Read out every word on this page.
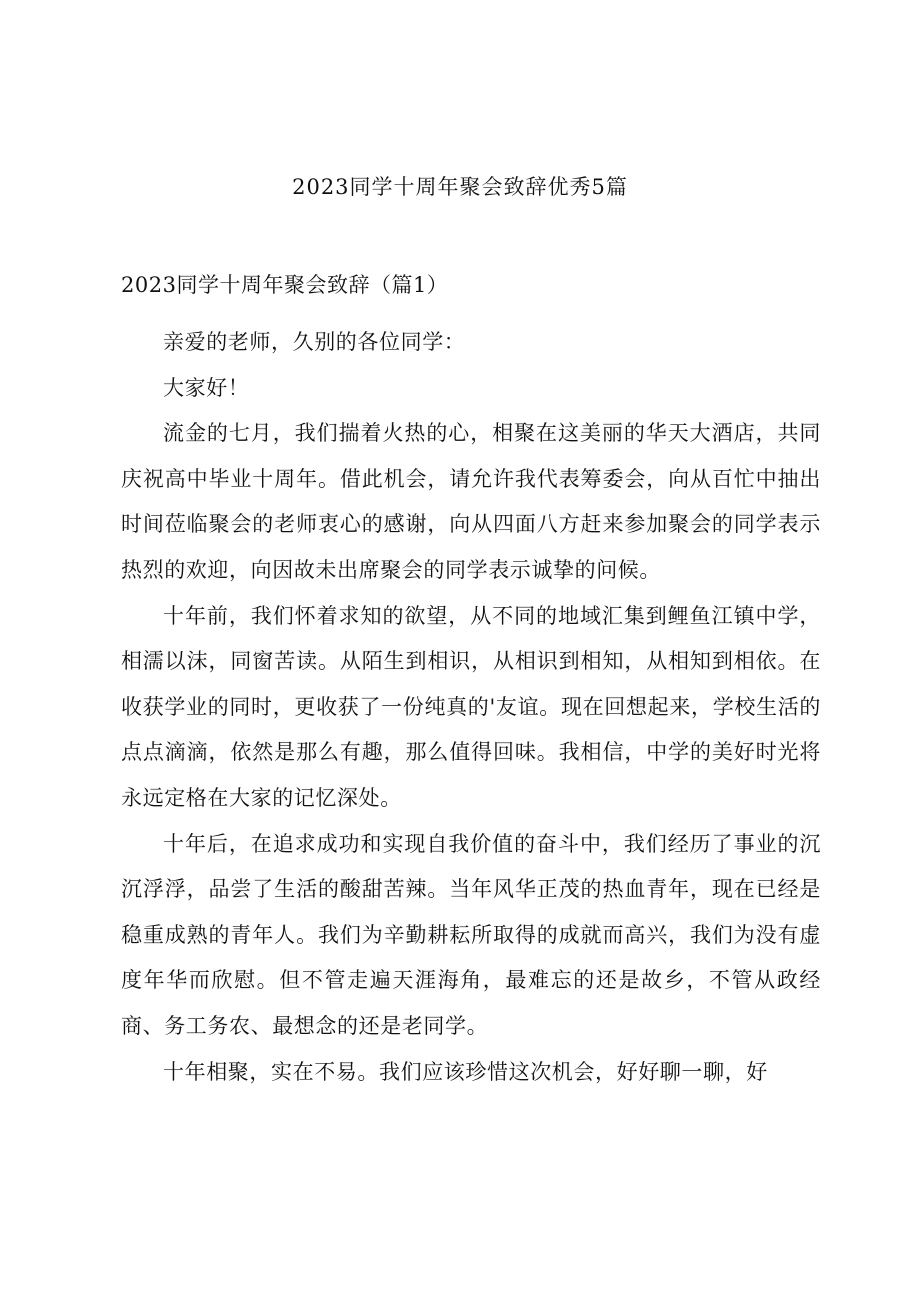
2023同学十周年聚会致辞优秀5篇
2023同学十周年聚会致辞（篇1）

亲爱的老师，久别的各位同学：

大家好！

流金的七月，我们揣着火热的心，相聚在这美丽的华天大酒店，共同庆祝高中毕业十周年。借此机会，请允许我代表筹委会，向从百忙中抽出时间莅临聚会的老师衷心的感谢，向从四面八方赶来参加聚会的同学表示热烈的欢迎，向因故未出席聚会的同学表示诚挚的问候。

十年前，我们怀着求知的欲望，从不同的地域汇集到鲤鱼江镇中学，相濡以沫，同窗苦读。从陌生到相识，从相识到相知，从相知到相依。在收获学业的同时，更收获了一份纯真的'友谊。现在回想起来，学校生活的点点滴滴，依然是那么有趣，那么值得回味。我相信，中学的美好时光将永远定格在大家的记忆深处。

十年后，在追求成功和实现自我价值的奋斗中，我们经历了事业的沉沉浮浮，品尝了生活的酸甜苦辣。当年风华正茂的热血青年，现在已经是稳重成熟的青年人。我们为辛勤耕耘所取得的成就而高兴，我们为没有虚度年华而欣慰。但不管走遍天涯海角，最难忘的还是故乡，不管从政经商、务工务农、最想念的还是老同学。

十年相聚，实在不易。我们应该珍惜这次机会，好好聊一聊，好
